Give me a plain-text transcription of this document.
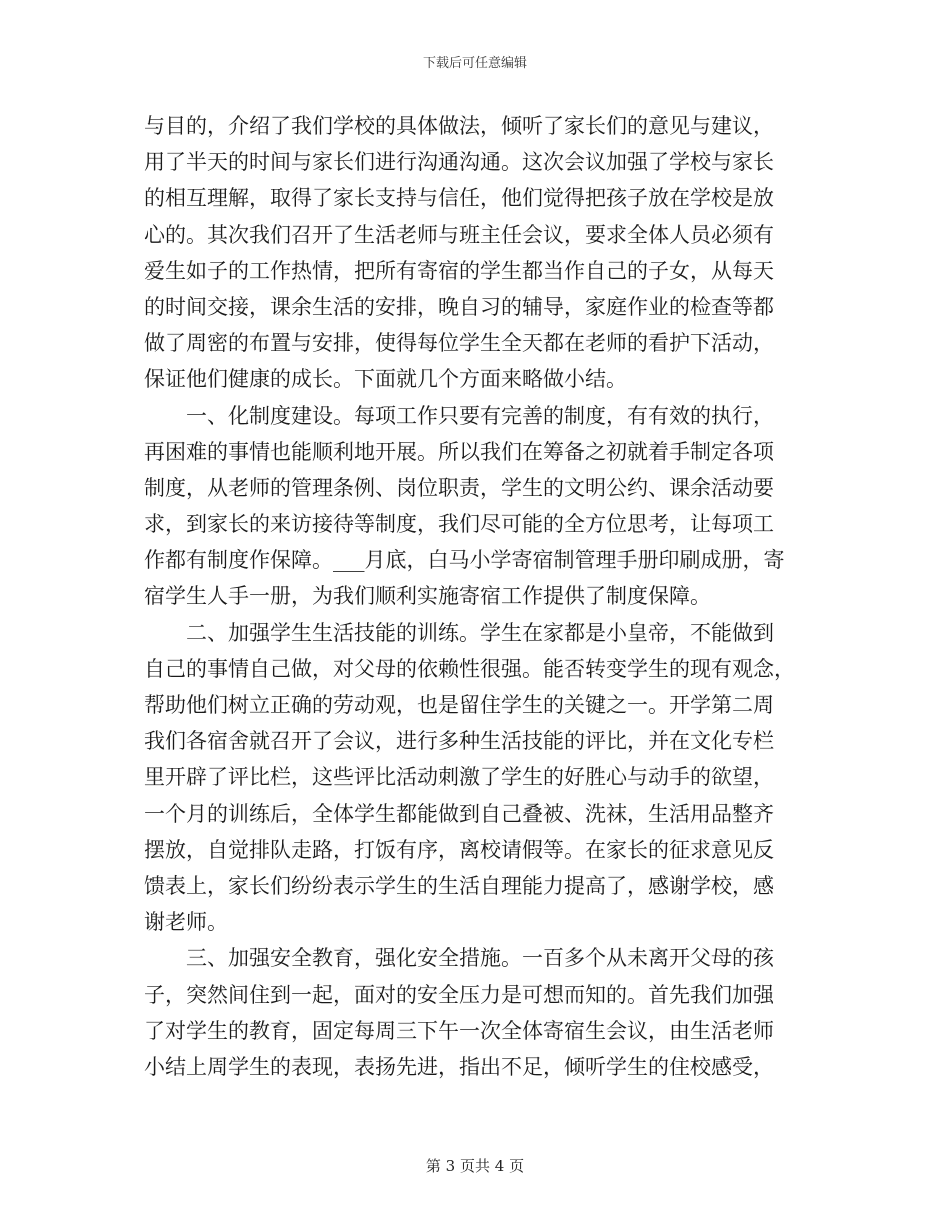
下载后可任意编辑
与目的，介绍了我们学校的具体做法，倾听了家长们的意见与建议，
用了半天的时间与家长们进行沟通沟通。这次会议加强了学校与家长
的相互理解，取得了家长支持与信任，他们觉得把孩子放在学校是放
心的。其次我们召开了生活老师与班主任会议，要求全体人员必须有
爱生如子的工作热情，把所有寄宿的学生都当作自己的子女，从每天
的时间交接，课余生活的安排，晚自习的辅导，家庭作业的检查等都
做了周密的布置与安排，使得每位学生全天都在老师的看护下活动，
保证他们健康的成长。下面就几个方面来略做小结。
一、化制度建设。每项工作只要有完善的制度，有有效的执行，
再困难的事情也能顺利地开展。所以我们在筹备之初就着手制定各项
制度，从老师的管理条例、岗位职责，学生的文明公约、课余活动要
求，到家长的来访接待等制度，我们尽可能的全方位思考，让每项工
作都有制度作保障。___月底，白马小学寄宿制管理手册印刷成册，寄
宿学生人手一册，为我们顺利实施寄宿工作提供了制度保障。
二、加强学生生活技能的训练。学生在家都是小皇帝，不能做到
自己的事情自己做，对父母的依赖性很强。能否转变学生的现有观念，
帮助他们树立正确的劳动观，也是留住学生的关键之一。开学第二周
我们各宿舍就召开了会议，进行多种生活技能的评比，并在文化专栏
里开辟了评比栏，这些评比活动刺激了学生的好胜心与动手的欲望，
一个月的训练后，全体学生都能做到自己叠被、洗袜，生活用品整齐
摆放，自觉排队走路，打饭有序，离校请假等。在家长的征求意见反
馈表上，家长们纷纷表示学生的生活自理能力提高了，感谢学校，感
谢老师。
三、加强安全教育，强化安全措施。一百多个从未离开父母的孩
子，突然间住到一起，面对的安全压力是可想而知的。首先我们加强
了对学生的教育，固定每周三下午一次全体寄宿生会议，由生活老师
小结上周学生的表现，表扬先进，指出不足，倾听学生的住校感受，
第 3 页共 4 页
